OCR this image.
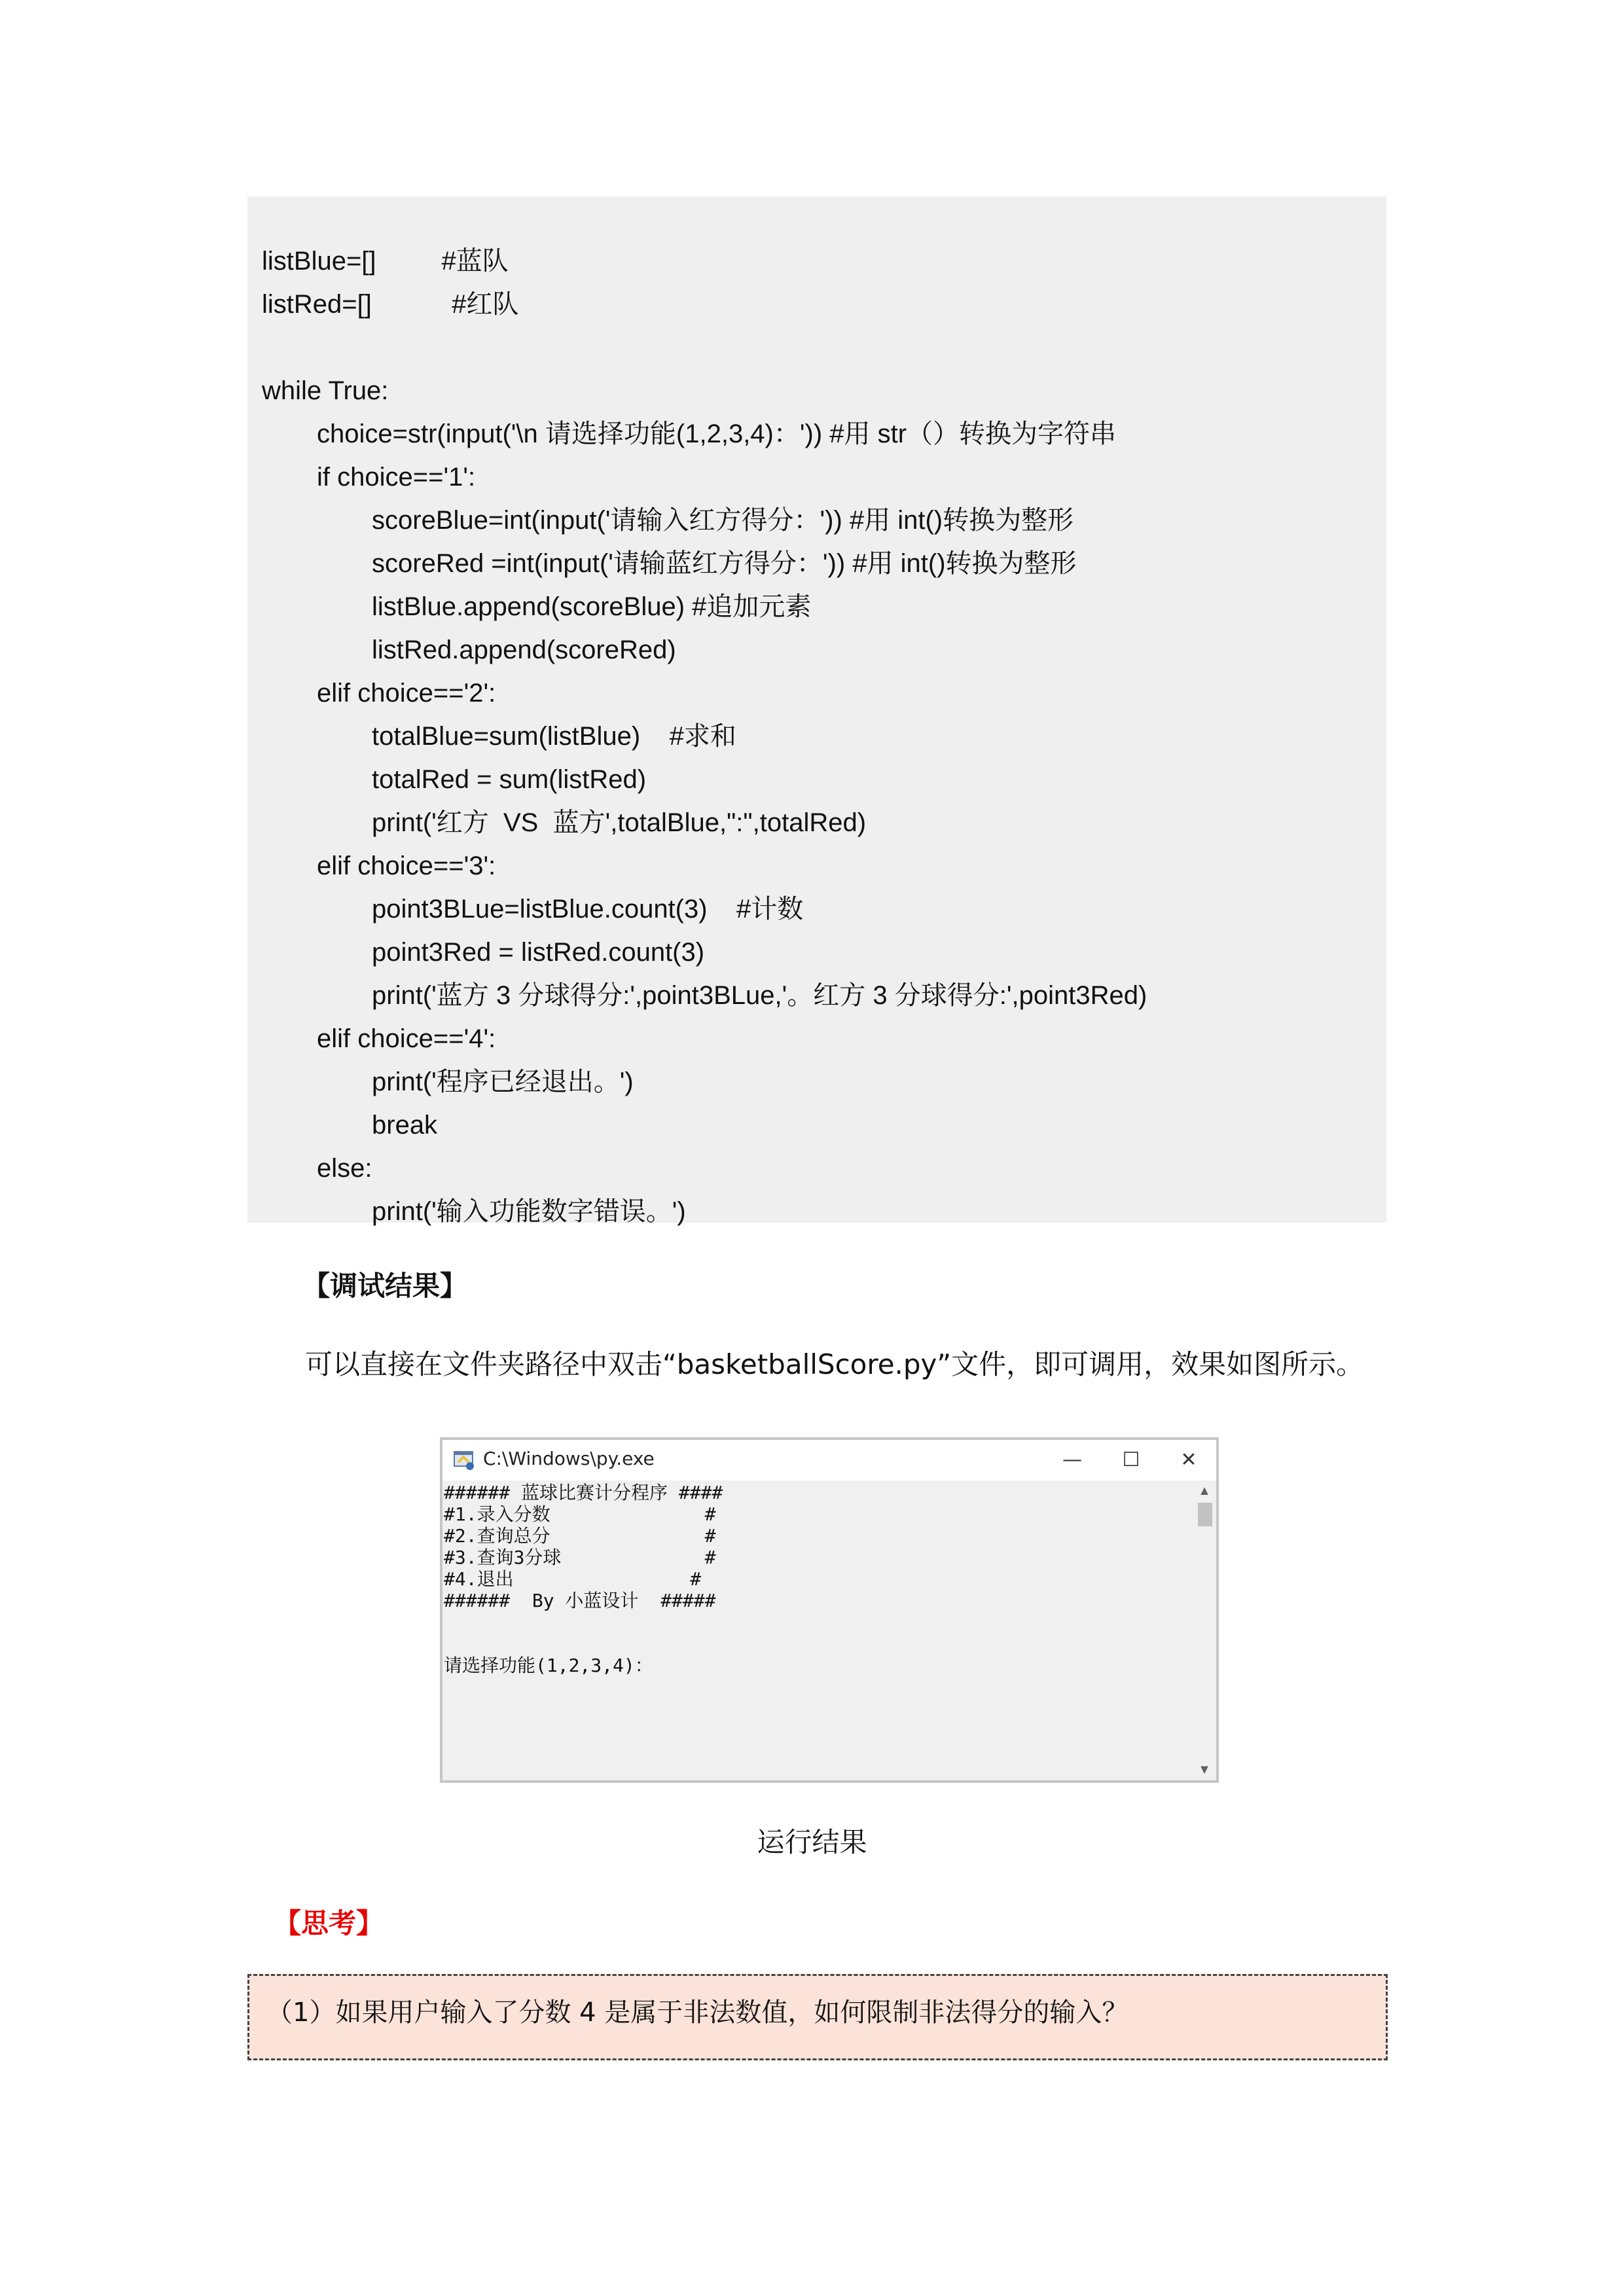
listBlue=[]         #蓝队
listRed=[]           #红队
while True:
choice=str(input('\n 请选择功能(1,2,3,4)：')) #用 str（）转换为字符串
if choice=='1':
scoreBlue=int(input('请输入红方得分：')) #用 int()转换为整形
scoreRed =int(input('请输蓝红方得分：')) #用 int()转换为整形
listBlue.append(scoreBlue) #追加元素
listRed.append(scoreRed)
elif choice=='2':
totalBlue=sum(listBlue)    #求和
totalRed = sum(listRed)
print('红方  VS  蓝方',totalBlue,":",totalRed)
elif choice=='3':
point3BLue=listBlue.count(3)    #计数
point3Red = listRed.count(3)
print('蓝方 3 分球得分:',point3BLue,'。红方 3 分球得分:',point3Red)
elif choice=='4':
print('程序已经退出。')
break
else:
print('输入功能数字错误。')
【调试结果】
可以直接在文件夹路径中双击“basketballScore.py”文件，即可调用，效果如图所示。
C:\Windows\py.exe	—	☐	✕
###### 蓝球比赛计分程序 ####
#1.录入分数              #
#2.查询总分              #
#3.查询3分球             #
#4.退出                #
######  By 小蓝设计  #####
请选择功能(1,2,3,4)：
▲
▼
运行结果
【思考】
（1）如果用户输入了分数 4 是属于非法数值，如何限制非法得分的输入？
